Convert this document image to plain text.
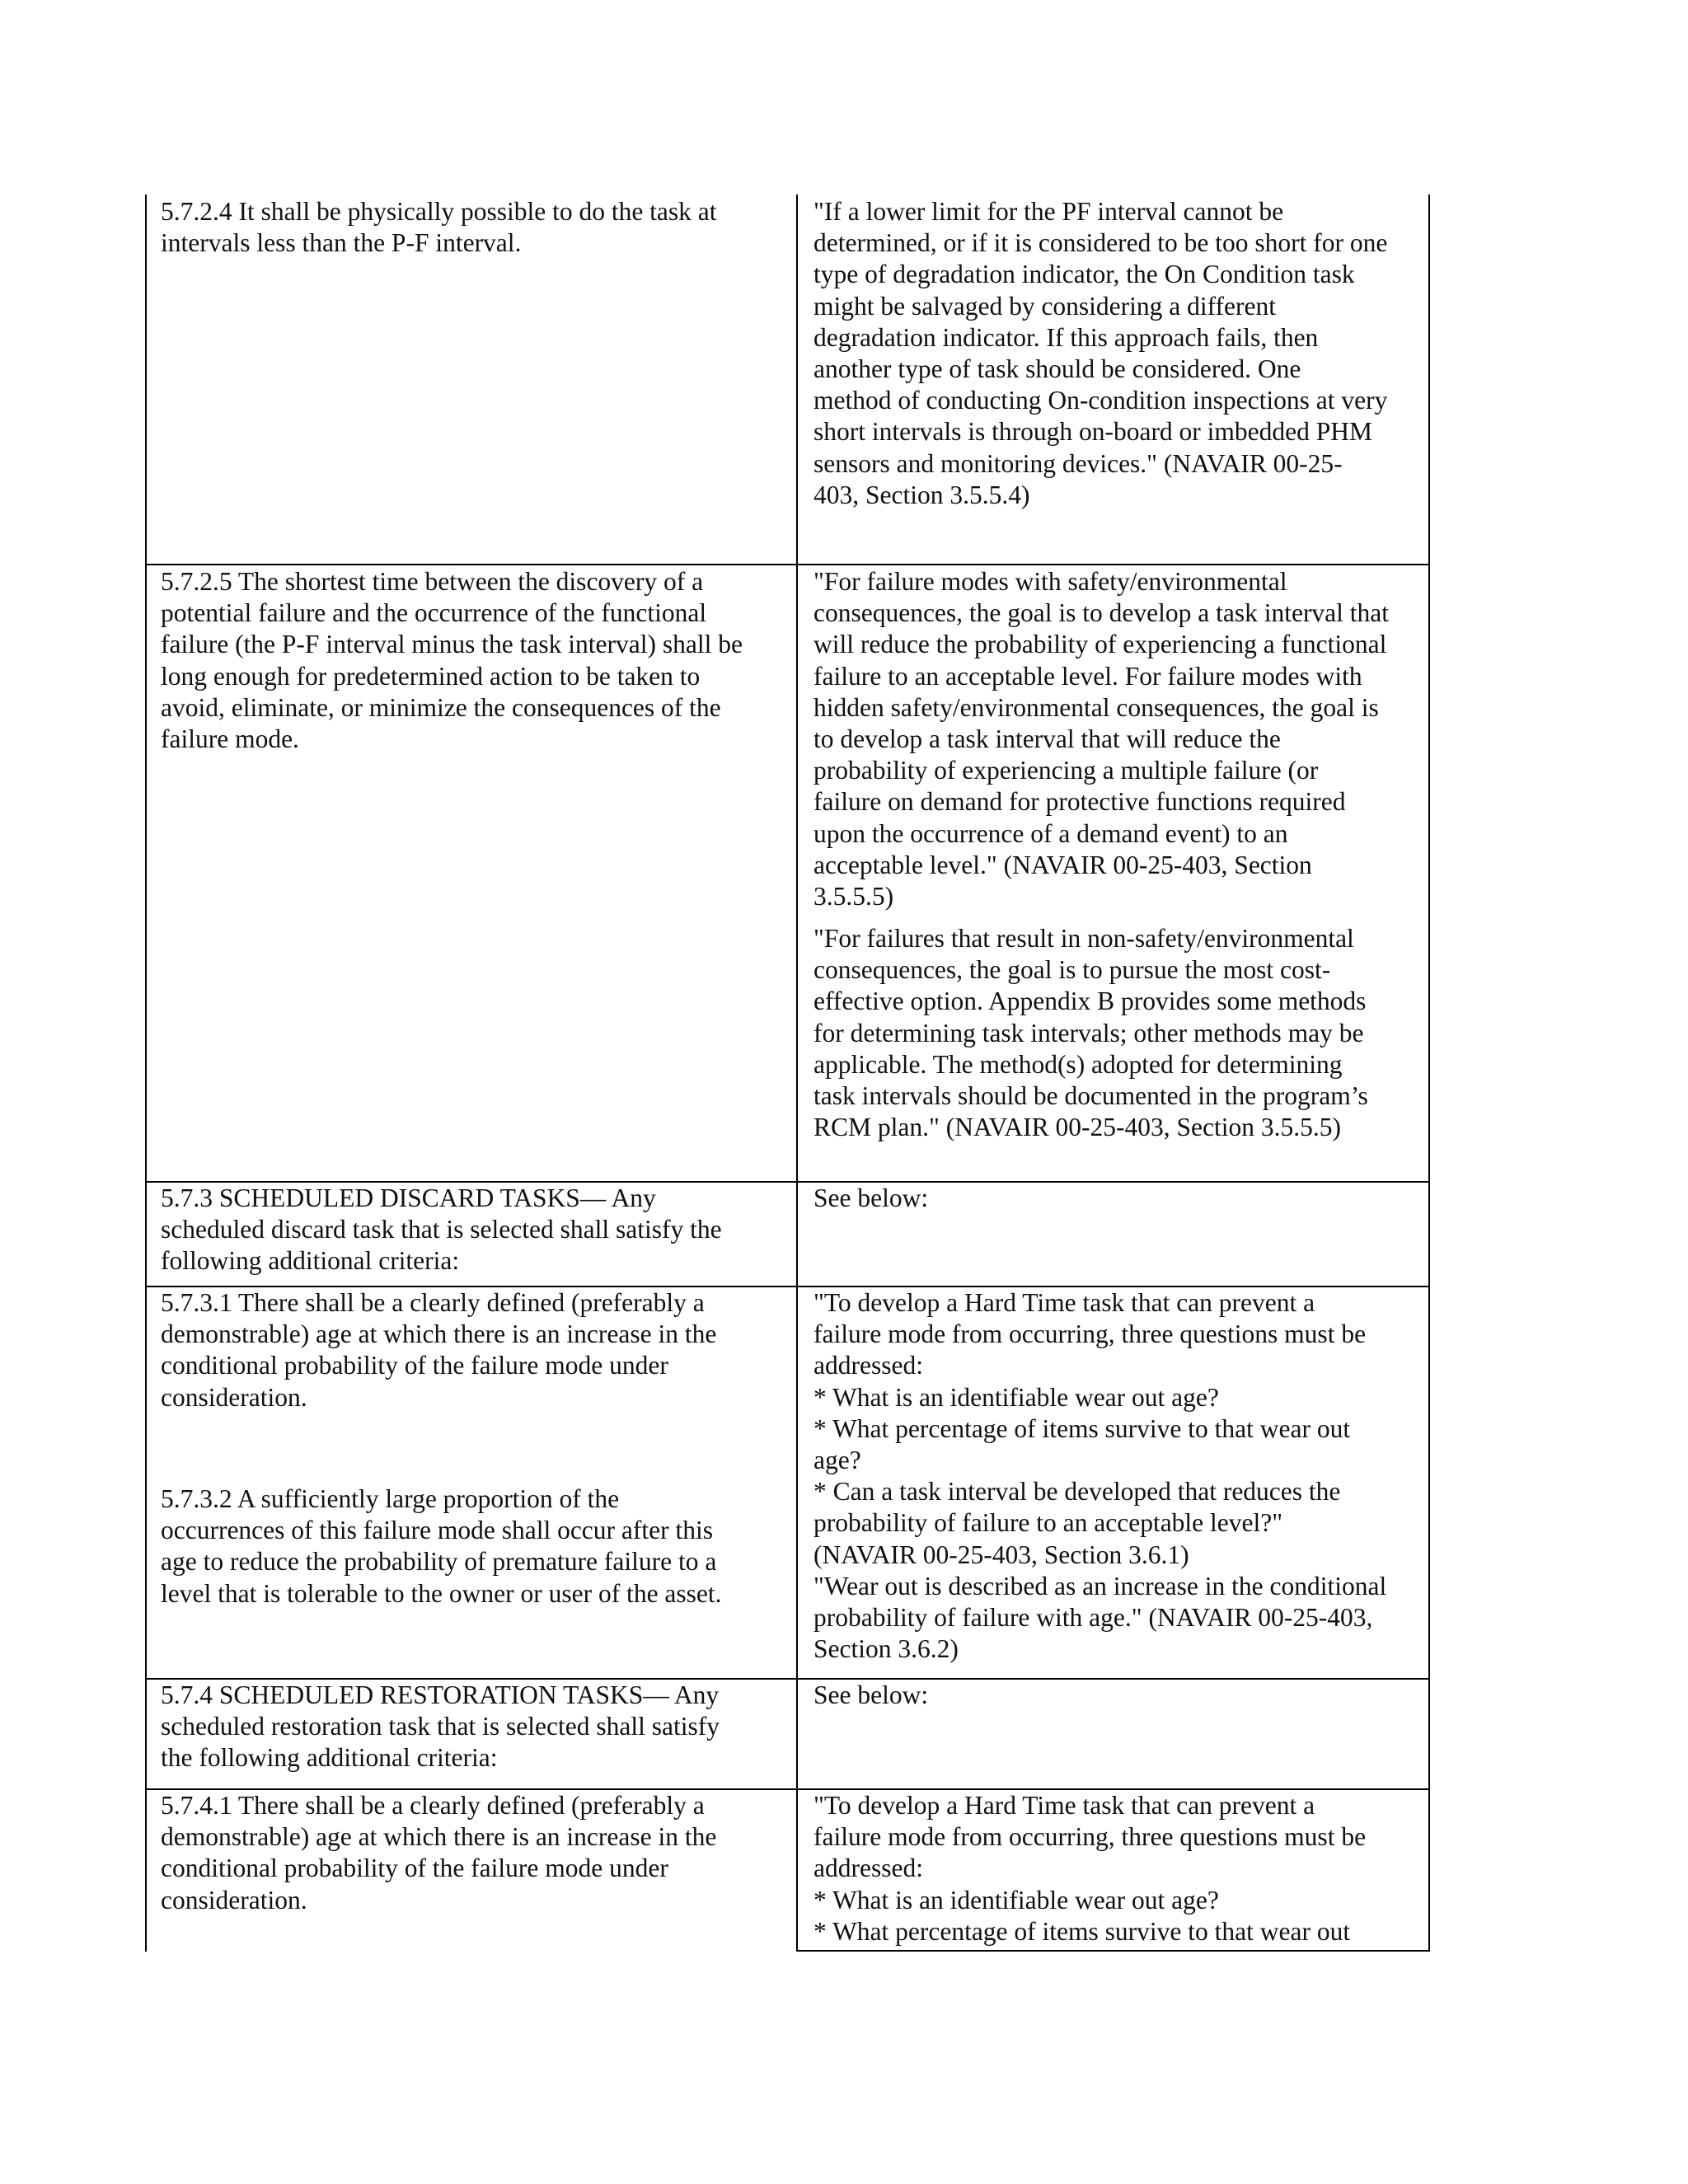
5.7.2.4 It shall be physically possible to do the task at
intervals less than the P-F interval.
"If a lower limit for the PF interval cannot be
determined, or if it is considered to be too short for one
type of degradation indicator, the On Condition task
might be salvaged by considering a different
degradation indicator. If this approach fails, then
another type of task should be considered. One
method of conducting On-condition inspections at very
short intervals is through on-board or imbedded PHM
sensors and monitoring devices." (NAVAIR 00-25-
403, Section 3.5.5.4)
5.7.2.5 The shortest time between the discovery of a
potential failure and the occurrence of the functional
failure (the P-F interval minus the task interval) shall be
long enough for predetermined action to be taken to
avoid, eliminate, or minimize the consequences of the
failure mode.
"For failure modes with safety/environmental
consequences, the goal is to develop a task interval that
will reduce the probability of experiencing a functional
failure to an acceptable level. For failure modes with
hidden safety/environmental consequences, the goal is
to develop a task interval that will reduce the
probability of experiencing a multiple failure (or
failure on demand for protective functions required
upon the occurrence of a demand event) to an
acceptable level." (NAVAIR 00-25-403, Section
3.5.5.5)
"For failures that result in non-safety/environmental
consequences, the goal is to pursue the most cost-
effective option. Appendix B provides some methods
for determining task intervals; other methods may be
applicable. The method(s) adopted for determining
task intervals should be documented in the program’s
RCM plan." (NAVAIR 00-25-403, Section 3.5.5.5)
5.7.3 SCHEDULED DISCARD TASKS— Any
scheduled discard task that is selected shall satisfy the
following additional criteria:
See below:
5.7.3.1 There shall be a clearly defined (preferably a
demonstrable) age at which there is an increase in the
conditional probability of the failure mode under
consideration.
5.7.3.2 A sufficiently large proportion of the
occurrences of this failure mode shall occur after this
age to reduce the probability of premature failure to a
level that is tolerable to the owner or user of the asset.
"To develop a Hard Time task that can prevent a
failure mode from occurring, three questions must be
addressed:
* What is an identifiable wear out age?
* What percentage of items survive to that wear out
age?
* Can a task interval be developed that reduces the
probability of failure to an acceptable level?"
(NAVAIR 00-25-403, Section 3.6.1)
"Wear out is described as an increase in the conditional
probability of failure with age." (NAVAIR 00-25-403,
Section 3.6.2)
5.7.4 SCHEDULED RESTORATION TASKS— Any
scheduled restoration task that is selected shall satisfy
the following additional criteria:
See below:
5.7.4.1 There shall be a clearly defined (preferably a
demonstrable) age at which there is an increase in the
conditional probability of the failure mode under
consideration.
"To develop a Hard Time task that can prevent a
failure mode from occurring, three questions must be
addressed:
* What is an identifiable wear out age?
* What percentage of items survive to that wear out
